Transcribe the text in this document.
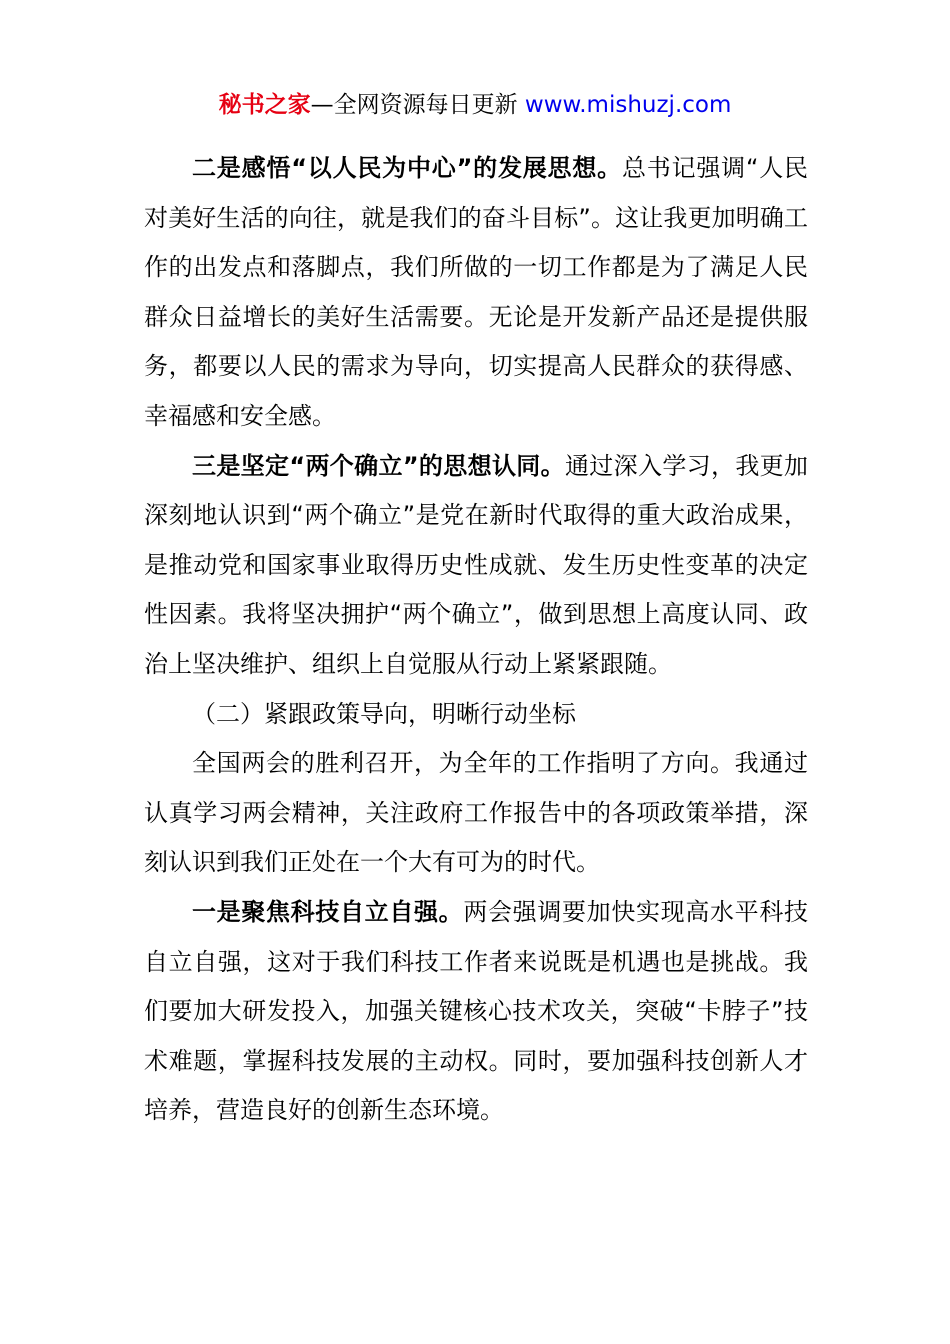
秘书之家—全网资源每日更新 www.mishuzj.com

二是感悟“以人民为中心”的发展思想。总书记强调“人民对美好生活的向往，就是我们的奋斗目标”。这让我更加明确工作的出发点和落脚点，我们所做的一切工作都是为了满足人民群众日益增长的美好生活需要。无论是开发新产品还是提供服务，都要以人民的需求为导向，切实提高人民群众的获得感、幸福感和安全感。

三是坚定“两个确立”的思想认同。通过深入学习，我更加深刻地认识到“两个确立”是党在新时代取得的重大政治成果，是推动党和国家事业取得历史性成就、发生历史性变革的决定性因素。我将坚决拥护“两个确立”，做到思想上高度认同、政治上坚决维护、组织上自觉服从行动上紧紧跟随。

（二）紧跟政策导向，明晰行动坐标

全国两会的胜利召开，为全年的工作指明了方向。我通过认真学习两会精神，关注政府工作报告中的各项政策举措，深刻认识到我们正处在一个大有可为的时代。

一是聚焦科技自立自强。两会强调要加快实现高水平科技自立自强，这对于我们科技工作者来说既是机遇也是挑战。我们要加大研发投入，加强关键核心技术攻关，突破“卡脖子”技术难题，掌握科技发展的主动权。同时，要加强科技创新人才培养，营造良好的创新生态环境。
